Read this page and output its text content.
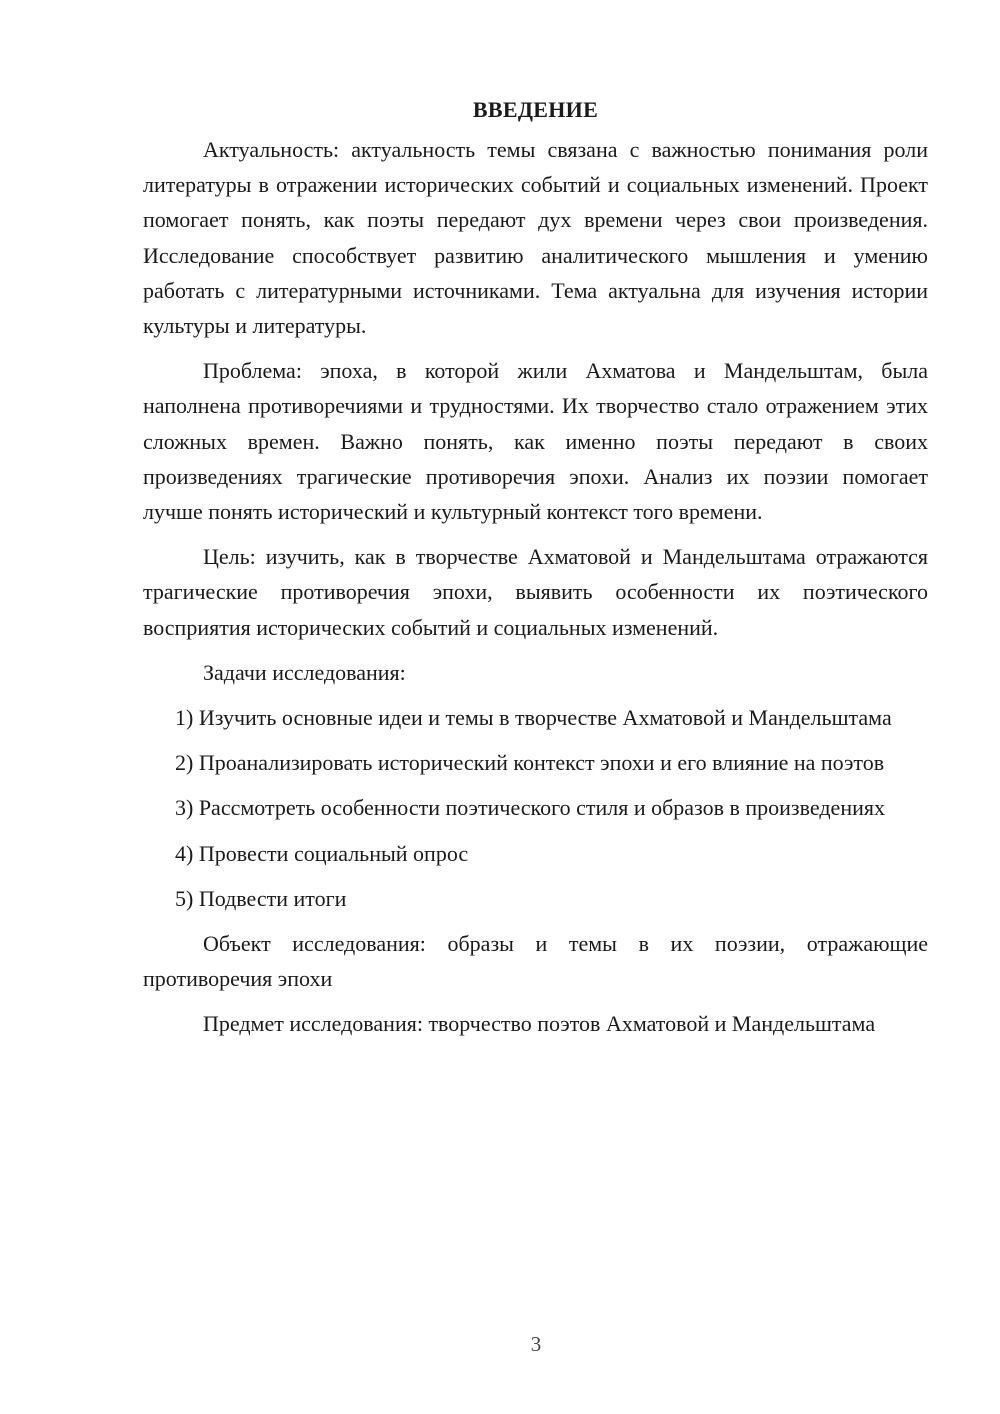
ВВЕДЕНИЕ

Актуальность: актуальность темы связана с важностью понимания роли литературы в отражении исторических событий и социальных изменений. Проект помогает понять, как поэты передают дух времени через свои произведения. Исследование способствует развитию аналитического мышления и умению работать с литературными источниками. Тема актуальна для изучения истории культуры и литературы.

Проблема: эпоха, в которой жили Ахматова и Мандельштам, была наполнена противоречиями и трудностями. Их творчество стало отражением этих сложных времен. Важно понять, как именно поэты передают в своих произведениях трагические противоречия эпохи. Анализ их поэзии помогает лучше понять исторический и культурный контекст того времени.

Цель: изучить, как в творчестве Ахматовой и Мандельштама отражаются трагические противоречия эпохи, выявить особенности их поэтического восприятия исторических событий и социальных изменений.

Задачи исследования:

1) Изучить основные идеи и темы в творчестве Ахматовой и Мандельштама

2) Проанализировать исторический контекст эпохи и его влияние на поэтов

3) Рассмотреть особенности поэтического стиля и образов в произведениях

4) Провести социальный опрос

5) Подвести итоги

Объект исследования: образы и темы в их поэзии, отражающие противоречия эпохи

Предмет исследования: творчество поэтов Ахматовой и Мандельштама

3
